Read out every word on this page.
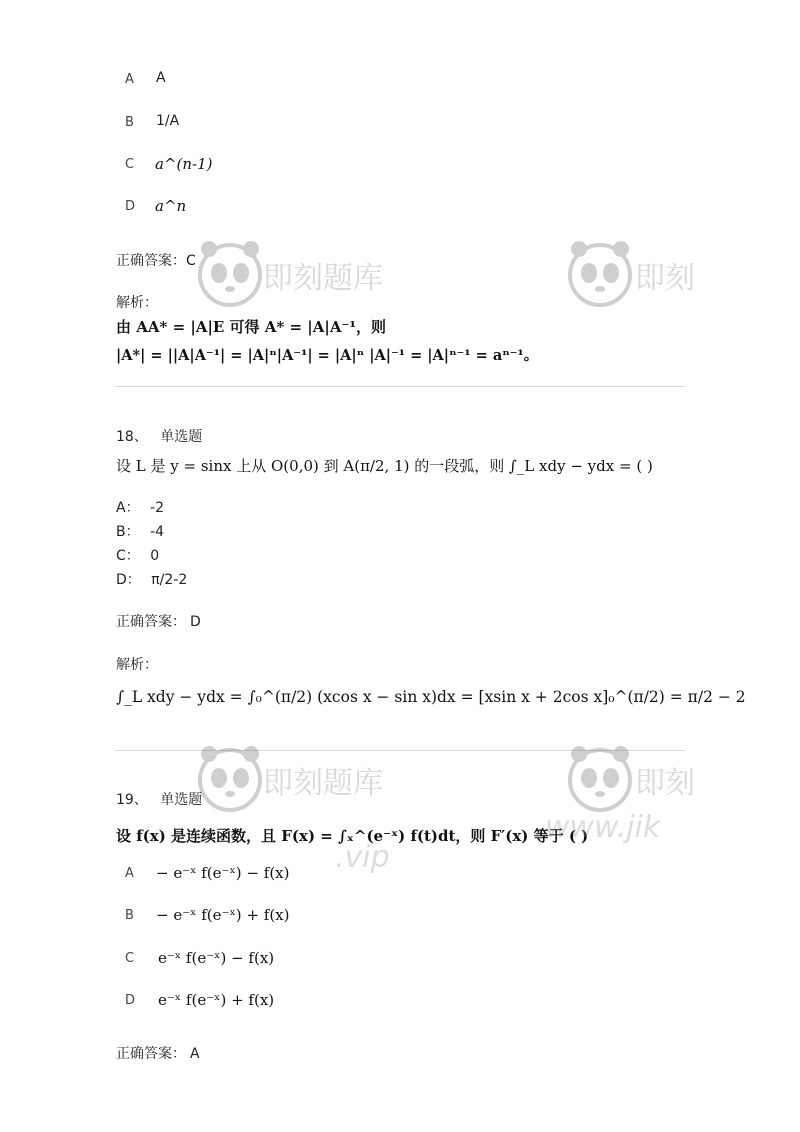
A A
B 1/A
C a^(n-1)
D a^n
正确答案：C
解析：
由 AA* = |A|E 可得 A* = |A|A⁻¹，则
|A*| = ||A|A⁻¹| = |A|ⁿ|A⁻¹| = |A|ⁿ |A|⁻¹ = |A|ⁿ⁻¹ = aⁿ⁻¹。
18、 单选题
设 L 是 y = sinx 上从 O(0,0) 到 A(π/2, 1) 的一段弧，则 ∫_L xdy − ydx = ( )
A： -2
B： -4
C： 0
D： π/2-2
正确答案： D
解析：
∫_L xdy − ydx = ∫₀^(π/2) (xcos x − sin x)dx = [xsin x + 2cos x]₀^(π/2) = π/2 − 2
19、 单选题
设 f(x) 是连续函数，且 F(x) = ∫ₓ^(e⁻ˣ) f(t)dt，则 F′(x) 等于 ( )
A − e⁻ˣ f(e⁻ˣ) − f(x)
B − e⁻ˣ f(e⁻ˣ) + f(x)
C e⁻ˣ f(e⁻ˣ) − f(x)
D e⁻ˣ f(e⁻ˣ) + f(x)
正确答案： A
即刻题库	即刻
即刻题库
.vip
即刻
www.jik
